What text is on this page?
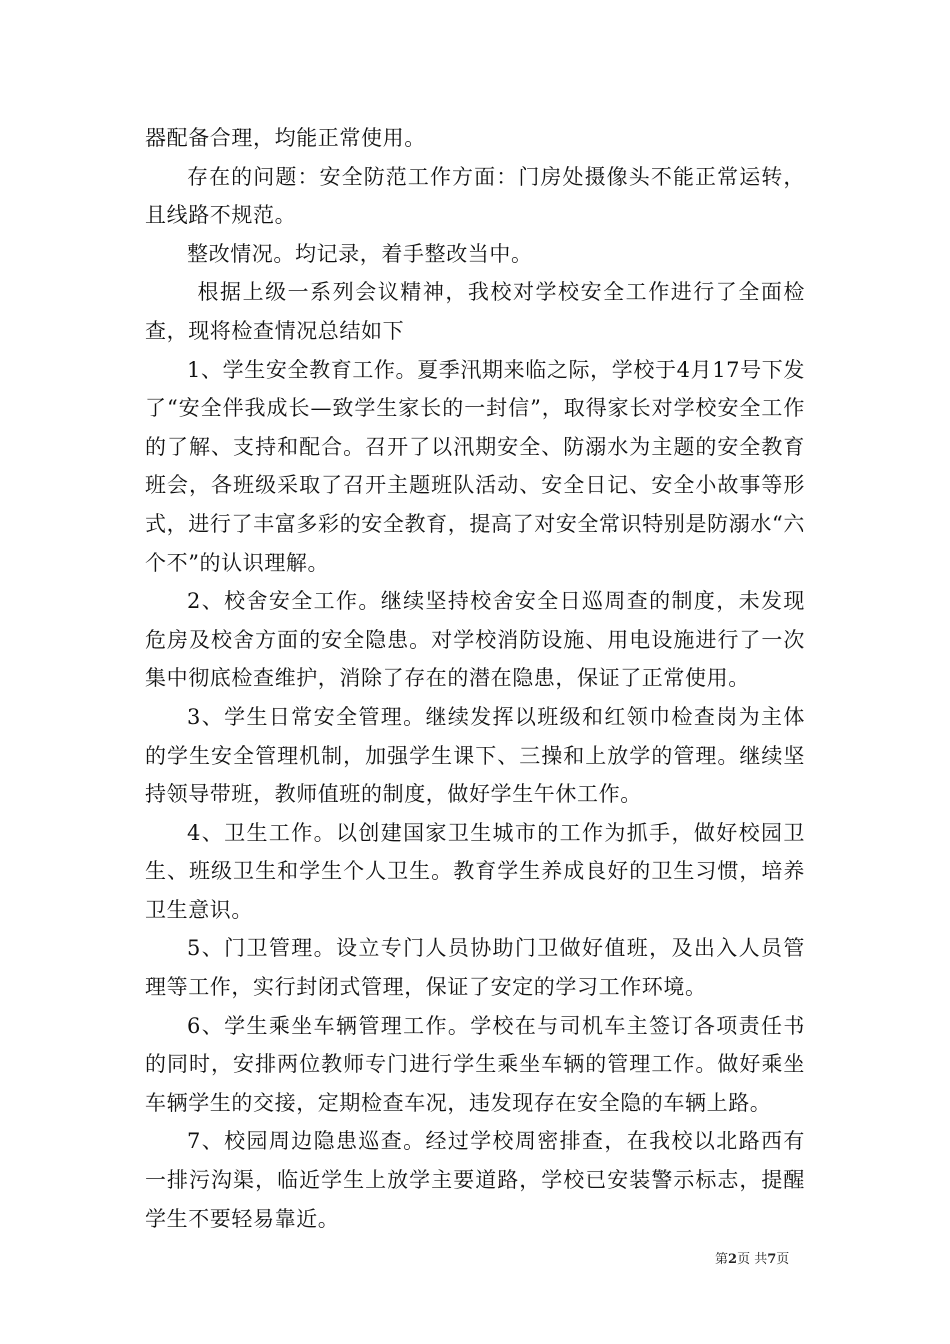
器配备合理，均能正常使用。

存在的问题：安全防范工作方面：门房处摄像头不能正常运转，且线路不规范。

整改情况。均记录，着手整改当中。

根据上级一系列会议精神，我校对学校安全工作进行了全面检查，现将检查情况总结如下

1、学生安全教育工作。夏季汛期来临之际，学校于4月17号下发了“安全伴我成长—致学生家长的一封信”，取得家长对学校安全工作的了解、支持和配合。召开了以汛期安全、防溺水为主题的安全教育班会，各班级采取了召开主题班队活动、安全日记、安全小故事等形式，进行了丰富多彩的安全教育，提高了对安全常识特别是防溺水“六个不”的认识理解。

2、校舍安全工作。继续坚持校舍安全日巡周查的制度，未发现危房及校舍方面的安全隐患。对学校消防设施、用电设施进行了一次集中彻底检查维护，消除了存在的潜在隐患，保证了正常使用。

3、学生日常安全管理。继续发挥以班级和红领巾检查岗为主体的学生安全管理机制，加强学生课下、三操和上放学的管理。继续坚持领导带班，教师值班的制度，做好学生午休工作。

4、卫生工作。以创建国家卫生城市的工作为抓手，做好校园卫生、班级卫生和学生个人卫生。教育学生养成良好的卫生习惯，培养卫生意识。

5、门卫管理。设立专门人员协助门卫做好值班，及出入人员管理等工作，实行封闭式管理，保证了安定的学习工作环境。

6、学生乘坐车辆管理工作。学校在与司机车主签订各项责任书的同时，安排两位教师专门进行学生乘坐车辆的管理工作。做好乘坐车辆学生的交接，定期检查车况，违发现存在安全隐的车辆上路。

7、校园周边隐患巡查。经过学校周密排查，在我校以北路西有一排污沟渠，临近学生上放学主要道路，学校已安装警示标志，提醒学生不要轻易靠近。

第2页 共7页
